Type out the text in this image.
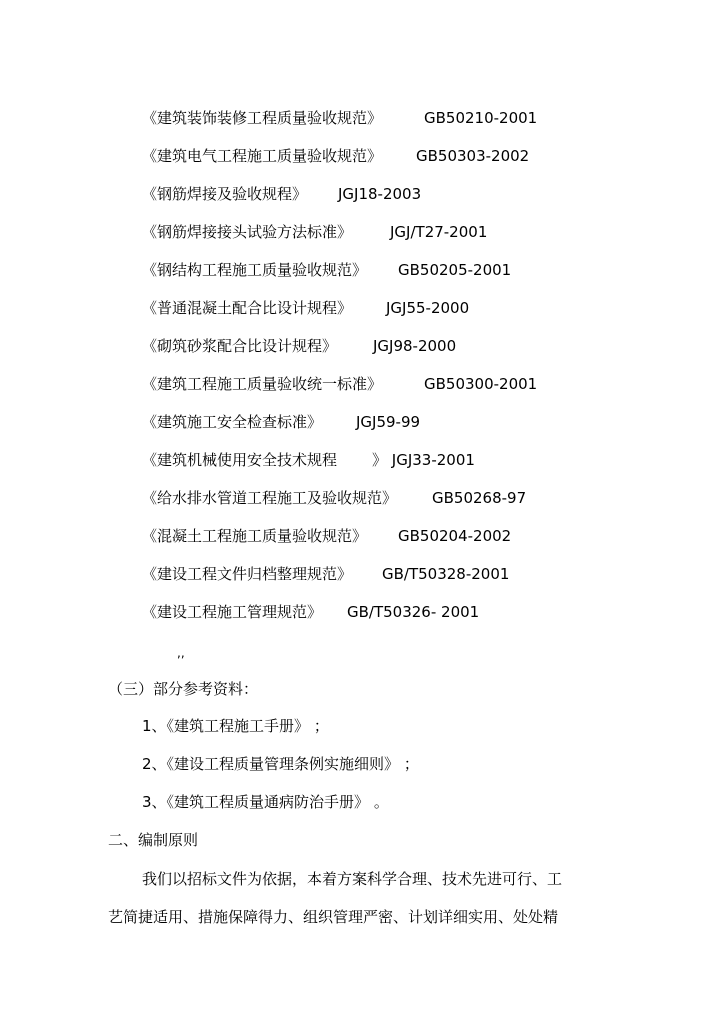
《建筑装饰装修工程质量验收规范》	GB50210-2001
《建筑电气工程施工质量验收规范》 GB50303-2002
《钢筋焊接及验收规程》 JGJ18-2003
《钢筋焊接接头试验方法标准》	JGJ/T27-2001
《钢结构工程施工质量验收规范》 GB50205-2001
《普通混凝土配合比设计规程》 JGJ55-2000
《砌筑砂浆配合比设计规程》 JGJ98-2000
《建筑工程施工质量验收统一标准》	GB50300-2001
《建筑施工安全检查标准》 JGJ59-99
《建筑机械使用安全技术规程 》 JGJ33-2001
《给水排水管道工程施工及验收规范》 GB50268-97
《混凝土工程施工质量验收规范》 GB50204-2002
《建设工程文件归档整理规范》 GB/T50328-2001
《建设工程施工管理规范》 GB/T50326- 2001
,,
（三）部分参考资料：
1、《建筑工程施工手册》 ；
2、《建设工程质量管理条例实施细则》 ；
3、《建筑工程质量通病防治手册》 。
二、编制原则
我们以招标文件为依据，本着方案科学合理、技术先进可行、工
艺简捷适用、措施保障得力、组织管理严密、计划详细实用、处处精
